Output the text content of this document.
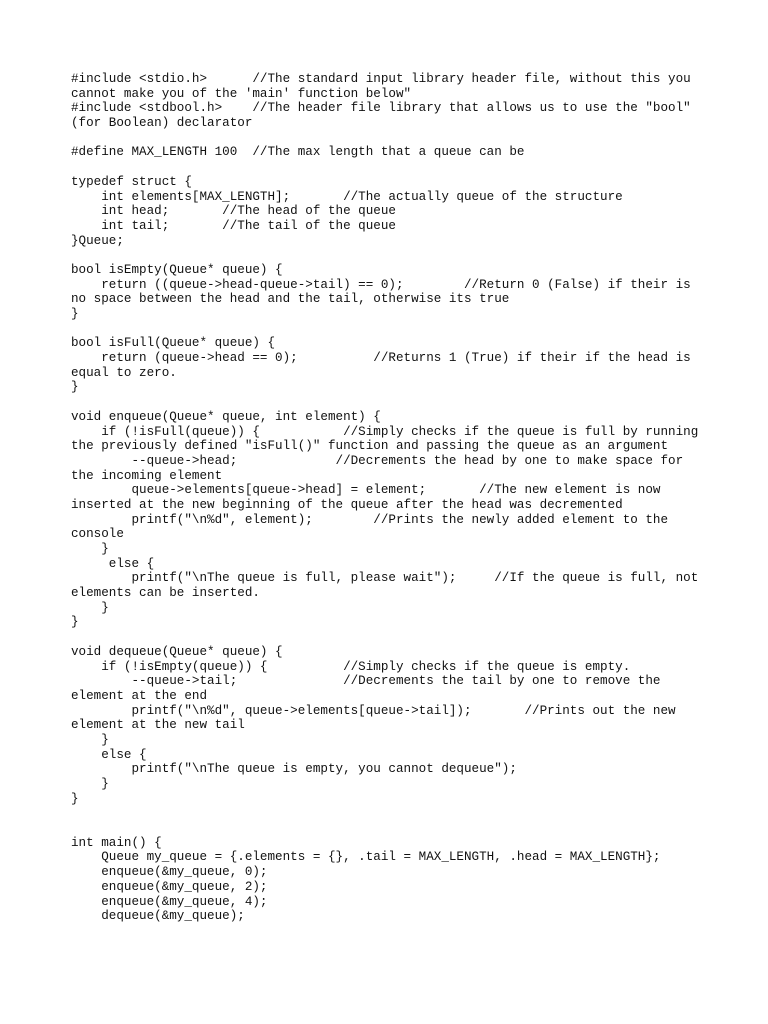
#include <stdio.h>      //The standard input library header file, without this you
cannot make you of the 'main' function below"
#include <stdbool.h>    //The header file library that allows us to use the "bool"
(for Boolean) declarator
#define MAX_LENGTH 100  //The max length that a queue can be
typedef struct {
int elements[MAX_LENGTH];       //The actually queue of the structure
int head;       //The head of the queue
int tail;       //The tail of the queue
}Queue;
bool isEmpty(Queue* queue) {
return ((queue->head-queue->tail) == 0);        //Return 0 (False) if their is
no space between the head and the tail, otherwise its true
}
bool isFull(Queue* queue) {
return (queue->head == 0);          //Returns 1 (True) if their if the head is
equal to zero.
}
void enqueue(Queue* queue, int element) {
if (!isFull(queue)) {           //Simply checks if the queue is full by running
the previously defined "isFull()" function and passing the queue as an argument
--queue->head;             //Decrements the head by one to make space for
the incoming element
queue->elements[queue->head] = element;       //The new element is now
inserted at the new beginning of the queue after the head was decremented
printf("\n%d", element);        //Prints the newly added element to the
console
}
else {
printf("\nThe queue is full, please wait");     //If the queue is full, not
elements can be inserted.
}
}
void dequeue(Queue* queue) {
if (!isEmpty(queue)) {          //Simply checks if the queue is empty.
--queue->tail;              //Decrements the tail by one to remove the
element at the end
printf("\n%d", queue->elements[queue->tail]);       //Prints out the new
element at the new tail
}
else {
printf("\nThe queue is empty, you cannot dequeue");
}
}
int main() {
Queue my_queue = {.elements = {}, .tail = MAX_LENGTH, .head = MAX_LENGTH};
enqueue(&my_queue, 0);
enqueue(&my_queue, 2);
enqueue(&my_queue, 4);
dequeue(&my_queue);
